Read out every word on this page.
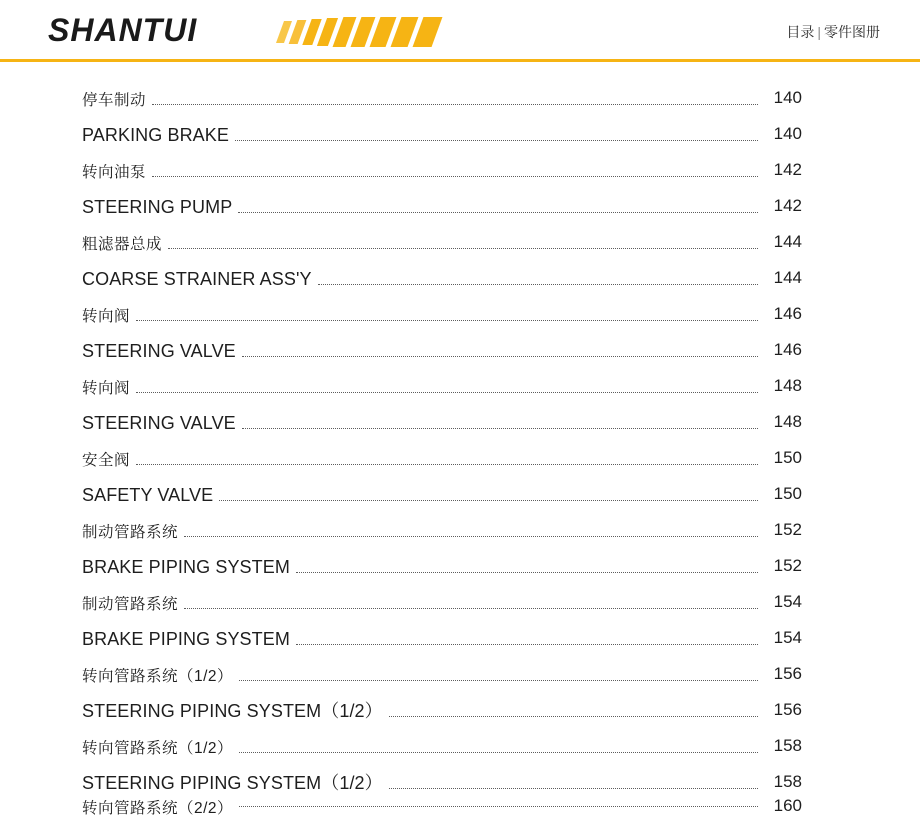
SHANTUI	目录 | 零件图册
停车制动	140
PARKING BRAKE	140
转向油泵	142
STEERING PUMP	142
粗滤器总成	144
COARSE STRAINER ASS'Y	144
转向阀	146
STEERING VALVE	146
转向阀	148
STEERING VALVE	148
安全阀	150
SAFETY VALVE	150
制动管路系统	152
BRAKE PIPING SYSTEM	152
制动管路系统	154
BRAKE PIPING SYSTEM	154
转向管路系统（1/2）	156
STEERING PIPING SYSTEM（1/2）	156
转向管路系统（1/2）	158
STEERING PIPING SYSTEM（1/2）	158
转向管路系统（2/2）	160
